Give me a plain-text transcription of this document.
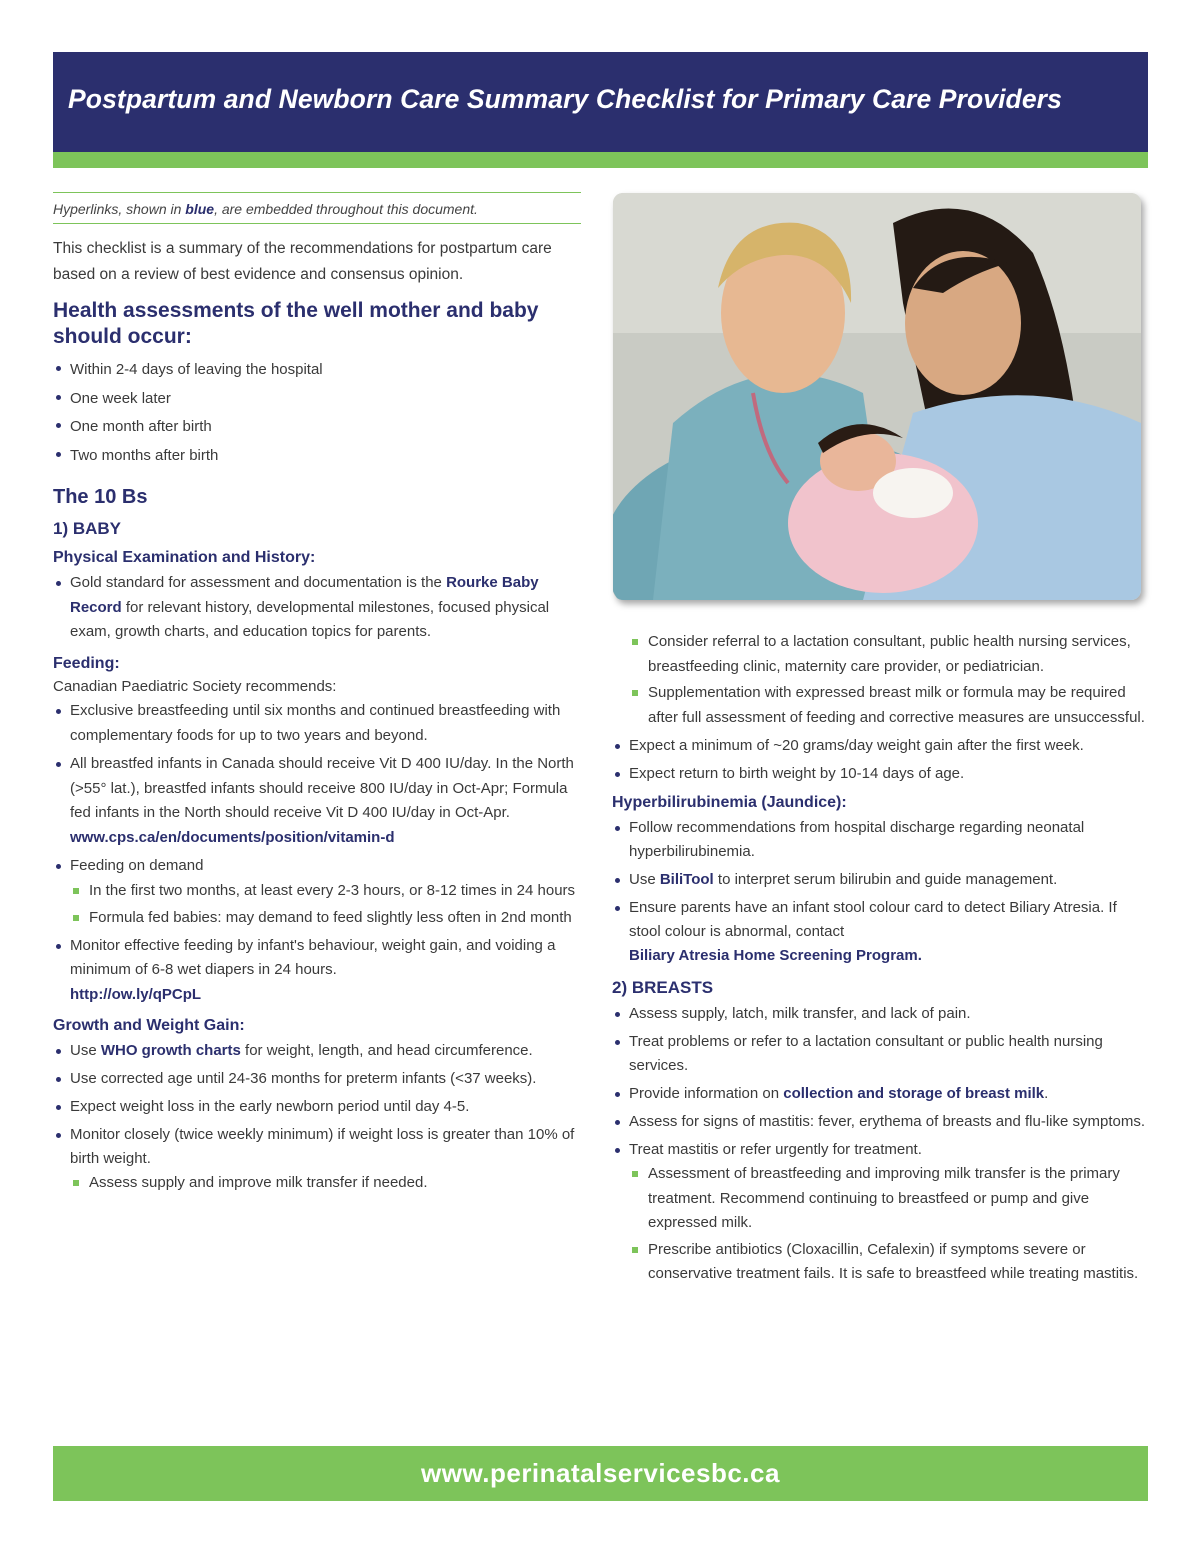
Postpartum and Newborn Care Summary Checklist for Primary Care Providers
Hyperlinks, shown in blue, are embedded throughout this document.

This checklist is a summary of the recommendations for postpartum care based on a review of best evidence and consensus opinion.

Health assessments of the well mother and baby should occur:
Within 2-4 days of leaving the hospital
One week later
One month after birth
Two months after birth
The 10 Bs
1) BABY
Physical Examination and History:
Gold standard for assessment and documentation is the Rourke Baby Record for relevant history, developmental milestones, focused physical exam, growth charts, and education topics for parents.
Feeding:

Canadian Paediatric Society recommends:

Exclusive breastfeeding until six months and continued breastfeeding with complementary foods for up to two years and beyond.
All breastfed infants in Canada should receive Vit D 400 IU/day. In the North (>55° lat.), breastfed infants should receive 800 IU/day in Oct-Apr; Formula fed infants in the North should receive Vit D 400 IU/day in Oct-Apr.
www.cps.ca/en/documents/position/vitamin-d
Feeding on demand
In the first two months, at least every 2-3 hours, or 8-12 times in 24 hours
Formula fed babies: may demand to feed slightly less often in 2nd month
Monitor effective feeding by infant's behaviour, weight gain, and voiding a minimum of 6-8 wet diapers in 24 hours.
http://ow.ly/qPCpL
Growth and Weight Gain:
Use WHO growth charts for weight, length, and head circumference.
Use corrected age until 24-36 months for preterm infants (<37 weeks).
Expect weight loss in the early newborn period until day 4-5.
Monitor closely (twice weekly minimum) if weight loss is greater than 10% of birth weight.
Assess supply and improve milk transfer if needed.
Consider referral to a lactation consultant, public health nursing services, breastfeeding clinic, maternity care provider, or pediatrician.
Supplementation with expressed breast milk or formula may be required after full assessment of feeding and corrective measures are unsuccessful.
Expect a minimum of ~20 grams/day weight gain after the first week.
Expect return to birth weight by 10-14 days of age.
Hyperbilirubinemia (Jaundice):
Follow recommendations from hospital discharge regarding neonatal hyperbilirubinemia.
Use BiliTool to interpret serum bilirubin and guide management.
Ensure parents have an infant stool colour card to detect Biliary Atresia. If stool colour is abnormal, contact
Biliary Atresia Home Screening Program.
2) BREASTS
Assess supply, latch, milk transfer, and lack of pain.
Treat problems or refer to a lactation consultant or public health nursing services.
Provide information on collection and storage of breast milk.
Assess for signs of mastitis: fever, erythema of breasts and flu-like symptoms.
Treat mastitis or refer urgently for treatment.
Assessment of breastfeeding and improving milk transfer is the primary treatment. Recommend continuing to breastfeed or pump and give expressed milk.
Prescribe antibiotics (Cloxacillin, Cefalexin) if symptoms severe or conservative treatment fails. It is safe to breastfeed while treating mastitis.
www.perinatalservicesbc.ca
